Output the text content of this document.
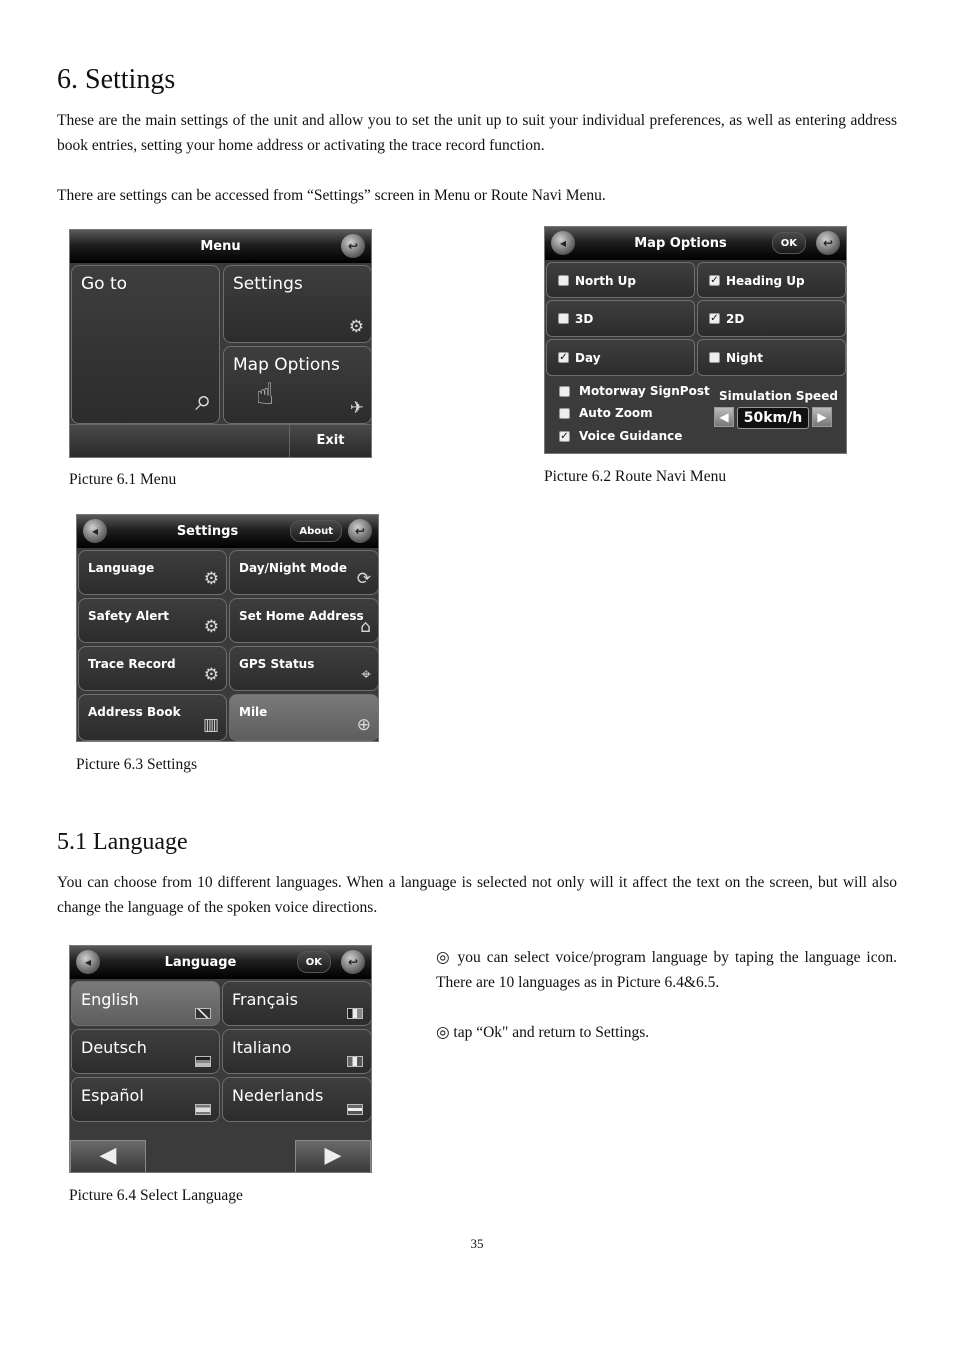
6. Settings
These are the main settings of the unit and allow you to set the unit up to suit your individual preferences, as well as entering address book entries, setting your home address or activating the trace record function.
There are settings can be accessed from “Settings” screen in Menu or Route Navi Menu.
Menu	↩
Go to
⌕
Settings
⚙
Map Options
☝	✈
Exit
Picture 6.1 Menu
◂	Map Options	OK	↩
North Up	✓ Heading Up
3D	✓ 2D
✓ Day	Night
Motorway SignPost
Auto Zoom
✓ Voice Guidance
Simulation Speed
◀	50km/h	▶
Picture 6.2 Route Navi Menu
◂	Settings	About	↩
Language
⚙
Day/Night Mode
⟳
Safety Alert
⚙
Set Home Address
⌂
Trace Record
⚙
GPS Status
⌖
Address Book
▥
Mile
⊕
Picture 6.3 Settings
5.1 Language
You can choose from 10 different languages. When a language is selected not only will it affect the text on the screen, but will also change the language of the spoken voice directions.
◂	Language	OK	↩
English	Français
Deutsch	Italiano
Español	Nederlands
◀	▶
Picture 6.4 Select Language
◎ you can select voice/program language by taping the language icon. There are 10 languages as in Picture 6.4&6.5.
◎ tap “Ok" and return to Settings.
35
